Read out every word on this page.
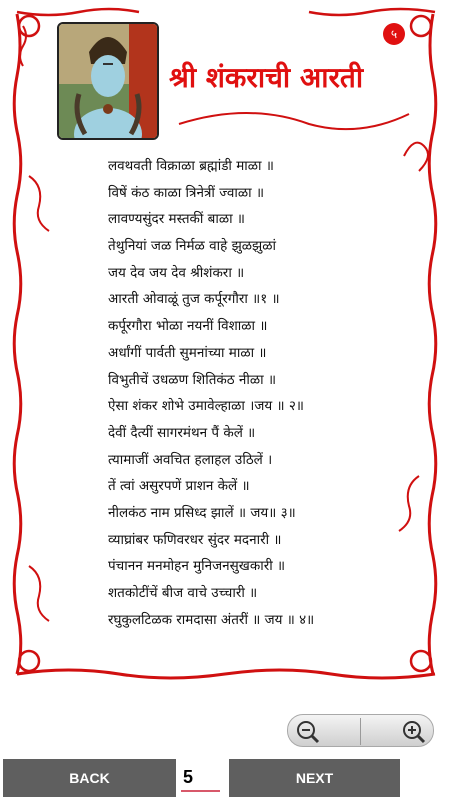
५
श्री शंकराची आरती
लवथवती विक्राळा ब्रह्मांडी माळा ॥
विषें कंठ काळा त्रिनेत्रीं ज्वाळा ॥
लावण्यसुंदर मस्तकीं बाळा ॥
तेथुनियां जळ निर्मळ वाहे झुळझुळां
जय देव जय देव श्रीशंकरा ॥
आरती ओवाळूं तुज कर्पूरगौरा ॥१ ॥
कर्पूरगौरा भोळा नयनीं विशाळा ॥
अर्धांगीं पार्वती सुमनांच्या माळा ॥
विभुतीचें उधळण शितिकंठ नीळा ॥
ऐसा शंकर शोभे उमावेल्हाळा ।जय ॥ २॥
देवीं दैत्यीं सागरमंथन पैं केलें ॥
त्यामाजीं अवचित हलाहल उठिलें ।
तें त्वां असुरपणें प्राशन केलें ॥
नीलकंठ नाम प्रसिध्द झालें ॥ जय॥ ३॥
व्याघ्रांबर फणिवरधर सुंदर मदनारी ॥
पंचानन मनमोहन मुनिजनसुखकारी ॥
शतकोटींचें बीज वाचे उच्चारी ॥
रघुकुलटिळक रामदासा अंतरीं ॥ जय ॥ ४॥
BACK	5	NEXT
